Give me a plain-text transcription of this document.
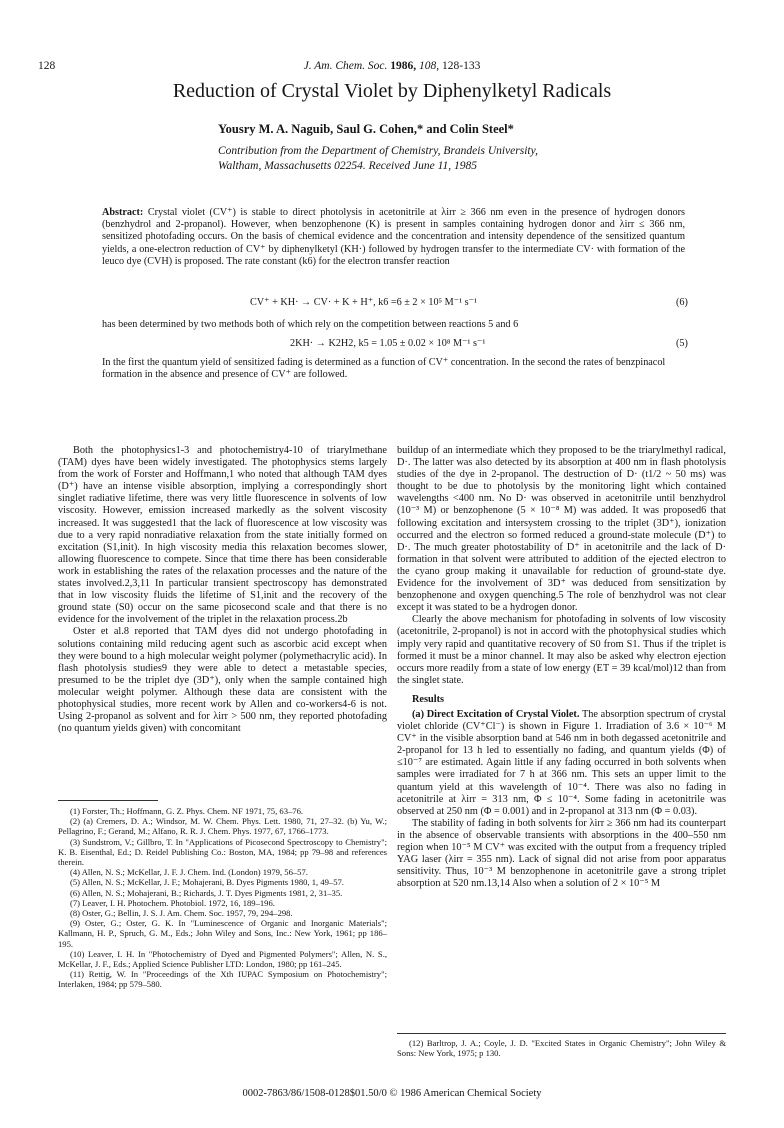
128	J. Am. Chem. Soc. 1986, 108, 128-133
Reduction of Crystal Violet by Diphenylketyl Radicals
Yousry M. A. Naguib, Saul G. Cohen,* and Colin Steel*
Contribution from the Department of Chemistry, Brandeis University,
Waltham, Massachusetts 02254. Received June 11, 1985
Abstract: Crystal violet (CV⁺) is stable to direct photolysis in acetonitrile at λirr ≥ 366 nm even in the presence of hydrogen donors (benzhydrol and 2-propanol). However, when benzophenone (K) is present in samples containing hydrogen donor and λirr ≤ 366 nm, sensitized photofading occurs. On the basis of chemical evidence and the concentration and intensity dependence of the sensitized quantum yields, a one-electron reduction of CV⁺ by diphenylketyl (KH·) followed by hydrogen transfer to the intermediate CV· with formation of the leuco dye (CVH) is proposed. The rate constant (k6) for the electron transfer reaction
CV⁺ + KH· → CV· + K + H⁺, k6 =6 ± 2 × 10⁵ M⁻¹ s⁻¹	(6)
has been determined by two methods both of which rely on the competition between reactions 5 and 6
2KH· → K2H2, k5 = 1.05 ± 0.02 × 10⁸ M⁻¹ s⁻¹	(5)
In the first the quantum yield of sensitized fading is determined as a function of CV⁺ concentration. In the second the rates of benzpinacol formation in the absence and presence of CV⁺ are followed.

Both the photophysics1-3 and photochemistry4-10 of triarylmethane (TAM) dyes have been widely investigated. The photophysics stems largely from the work of Forster and Hoffmann,1 who noted that although TAM dyes (D⁺) have an intense visible absorption, implying a correspondingly short singlet radiative lifetime, there was very little fluorescence in solvents of low viscosity. However, emission increased markedly as the solvent viscosity increased. It was suggested1 that the lack of fluorescence at low viscosity was due to a very rapid nonradiative relaxation from the state initially formed on excitation (S1,init). In high viscosity media this relaxation becomes slower, allowing fluorescence to compete. Since that time there has been considerable work in establishing the rates of the relaxation processes and the nature of the states involved.2,3,11 In particular transient spectroscopy has demonstrated that in low viscosity fluids the lifetime of S1,init and the recovery of the ground state (S0) occur on the same picosecond scale and that there is no evidence for the involvement of the triplet in the relaxation process.2b

Oster et al.8 reported that TAM dyes did not undergo photofading in solutions containing mild reducing agent such as ascorbic acid except when they were bound to a high molecular weight polymer (polymethacrylic acid). In flash photolysis studies9 they were able to detect a metastable species, presumed to be the triplet dye (3D⁺), only when the sample contained high molecular weight polymer. Although these data are consistent with the photophysical studies, more recent work by Allen and co-workers4-6 is not. Using 2-propanol as solvent and for λirr > 500 nm, they reported photofading (no quantum yields given) with concomitant

buildup of an intermediate which they proposed to be the triarylmethyl radical, D·. The latter was also detected by its absorption at 400 nm in flash photolysis studies of the dye in 2-propanol. The destruction of D· (t1/2 ~ 50 ms) was thought to be due to photolysis by the monitoring light which contained wavelengths <400 nm. No D· was observed in acetonitrile until benzhydrol (10⁻³ M) or benzophenone (5 × 10⁻⁸ M) was added. It was proposed6 that following excitation and intersystem crossing to the triplet (3D⁺), ionization occurred and the electron so formed reduced a ground-state molecule (D⁺) to D·. The much greater photostability of D⁺ in acetonitrile and the lack of D· formation in that solvent were attributed to addition of the ejected electron to the cyano group making it unavailable for reduction of ground-state dye. Evidence for the involvement of 3D⁺ was deduced from sensitization by benzophenone and oxygen quenching.5 The role of benzhydrol was not clear except it was stated to be a hydrogen donor.

Clearly the above mechanism for photofading in solvents of low viscosity (acetonitrile, 2-propanol) is not in accord with the photophysical studies which imply very rapid and quantitative recovery of S0 from S1. Thus if the triplet is formed it must be a minor channel. It may also be asked why electron ejection occurs more readily from a state of low energy (ET = 39 kcal/mol)12 than from the singlet state.

Results

(a) Direct Excitation of Crystal Violet. The absorption spectrum of crystal violet chloride (CV⁺Cl⁻) is shown in Figure 1. Irradiation of 3.6 × 10⁻⁶ M CV⁺ in the visible absorption band at 546 nm in both degassed acetonitrile and 2-propanol for 13 h led to essentially no fading, and quantum yields (Φ) of ≤10⁻⁷ are estimated. Again little if any fading occurred in both solvents when samples were irradiated for 7 h at 366 nm. This sets an upper limit to the quantum yield at this wavelength of 10⁻⁴. There was also no fading in acetonitrile at λirr = 313 nm, Φ ≤ 10⁻⁴. Some fading in acetonitrile was observed at 250 nm (Φ = 0.001) and in 2-propanol at 313 nm (Φ = 0.03).

The stability of fading in both solvents for λirr ≥ 366 nm had its counterpart in the absence of observable transients with absorptions in the 400–550 nm region when 10⁻⁵ M CV⁺ was excited with the output from a frequency tripled YAG laser (λirr = 355 nm). Lack of signal did not arise from poor apparatus sensitivity. Thus, 10⁻³ M benzophenone in acetonitrile gave a strong triplet absorption at 520 nm.13,14 Also when a solution of 2 × 10⁻⁵ M

(1) Forster, Th.; Hoffmann, G. Z. Phys. Chem. NF 1971, 75, 63–76.
(2) (a) Cremers, D. A.; Windsor, M. W. Chem. Phys. Lett. 1980, 71, 27–32. (b) Yu, W.; Pellagrino, F.; Gerand, M.; Alfano, R. R. J. Chem. Phys. 1977, 67, 1766–1773.
(3) Sundstrom, V.; Gillbro, T. In "Applications of Picosecond Spectroscopy to Chemistry"; K. B. Eisenthal, Ed.; D. Reidel Publishing Co.: Boston, MA, 1984; pp 79–98 and references therein.
(4) Allen, N. S.; McKellar, J. F. J. Chem. Ind. (London) 1979, 56–57.
(5) Allen, N. S.; McKellar, J. F.; Mohajerani, B. Dyes Pigments 1980, 1, 49–57.
(6) Allen, N. S.; Mohajerani, B.; Richards, J. T. Dyes Pigments 1981, 2, 31–35.
(7) Leaver, I. H. Photochem. Photobiol. 1972, 16, 189–196.
(8) Oster, G.; Bellin, J. S. J. Am. Chem. Soc. 1957, 79, 294–298.
(9) Oster, G.; Oster, G. K. In "Luminescence of Organic and Inorganic Materials"; Kallmann, H. P., Spruch, G. M., Eds.; John Wiley and Sons, Inc.: New York, 1961; pp 186–195.
(10) Leaver, I. H. In "Photochemistry of Dyed and Pigmented Polymers"; Allen, N. S., McKellar, J. F., Eds.; Applied Science Publisher LTD: London, 1980; pp 161–245.
(11) Rettig, W. In "Proceedings of the Xth IUPAC Symposium on Photochemistry"; Interlaken, 1984; pp 579–580.
(12) Barltrop, J. A.; Coyle, J. D. "Excited States in Organic Chemistry"; John Wiley & Sons: New York, 1975; p 130.
0002-7863/86/1508-0128$01.50/0 © 1986 American Chemical Society
